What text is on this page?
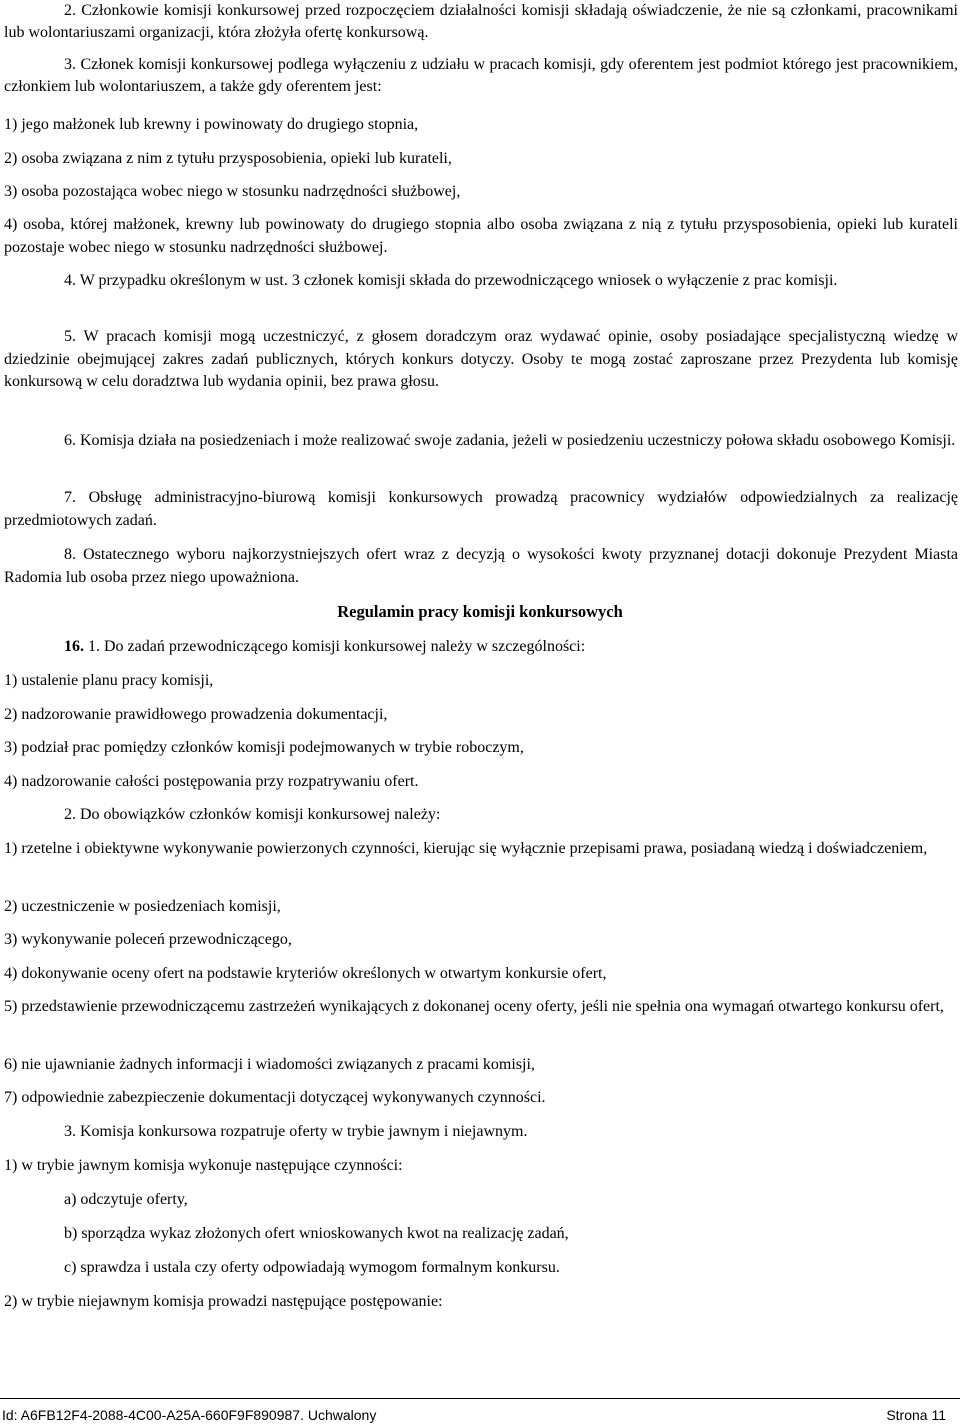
2. Członkowie komisji konkursowej przed rozpoczęciem działalności komisji składają oświadczenie, że nie są członkami, pracownikami lub wolontariuszami organizacji, która złożyła ofertę konkursową.

3. Członek komisji konkursowej podlega wyłączeniu z udziału w pracach komisji, gdy oferentem jest podmiot którego jest pracownikiem, członkiem lub wolontariuszem, a także gdy oferentem jest:

1) jego małżonek lub krewny i powinowaty do drugiego stopnia,

2) osoba związana z nim z tytułu przysposobienia, opieki lub kurateli,

3) osoba pozostająca wobec niego w stosunku nadrzędności służbowej,

4) osoba, której małżonek, krewny lub powinowaty do drugiego stopnia albo osoba związana z nią z tytułu przysposobienia, opieki lub kurateli pozostaje wobec niego w stosunku nadrzędności służbowej.

4. W przypadku określonym w ust. 3 członek komisji składa do przewodniczącego wniosek o wyłączenie z prac komisji.

5. W pracach komisji mogą uczestniczyć, z głosem doradczym oraz wydawać opinie, osoby posiadające specjalistyczną wiedzę w dziedzinie obejmującej zakres zadań publicznych, których konkurs dotyczy. Osoby te mogą zostać zaproszane przez Prezydenta lub komisję konkursową w celu doradztwa lub wydania opinii, bez prawa głosu.

6. Komisja działa na posiedzeniach i może realizować swoje zadania, jeżeli w posiedzeniu uczestniczy połowa składu osobowego Komisji.

7. Obsługę administracyjno-biurową komisji konkursowych prowadzą pracownicy wydziałów odpowiedzialnych za realizację przedmiotowych zadań.

8. Ostatecznego wyboru najkorzystniejszych ofert wraz z decyzją o wysokości kwoty przyznanej dotacji dokonuje Prezydent Miasta Radomia lub osoba przez niego upoważniona.

Regulamin pracy komisji konkursowych

16. 1. Do zadań przewodniczącego komisji konkursowej należy w szczególności:

1) ustalenie planu pracy komisji,

2) nadzorowanie prawidłowego prowadzenia dokumentacji,

3) podział prac pomiędzy członków komisji podejmowanych w trybie roboczym,

4) nadzorowanie całości postępowania przy rozpatrywaniu ofert.

2. Do obowiązków członków komisji konkursowej należy:

1) rzetelne i obiektywne wykonywanie powierzonych czynności, kierując się wyłącznie przepisami prawa, posiadaną wiedzą i doświadczeniem,

2) uczestniczenie w posiedzeniach komisji,

3) wykonywanie poleceń przewodniczącego,

4) dokonywanie oceny ofert na podstawie kryteriów określonych w otwartym konkursie ofert,

5) przedstawienie przewodniczącemu zastrzeżeń wynikających z dokonanej oceny oferty, jeśli nie spełnia ona wymagań otwartego konkursu ofert,

6) nie ujawnianie żadnych informacji i wiadomości związanych z pracami komisji,

7) odpowiednie zabezpieczenie dokumentacji dotyczącej wykonywanych czynności.

3. Komisja konkursowa rozpatruje oferty w trybie jawnym i niejawnym.

1) w trybie jawnym komisja wykonuje następujące czynności:

a) odczytuje oferty,

b) sporządza wykaz złożonych ofert wnioskowanych kwot na realizację zadań,

c) sprawdza i ustala czy oferty odpowiadają wymogom formalnym konkursu.

2) w trybie niejawnym komisja prowadzi następujące postępowanie:

Id: A6FB12F4-2088-4C00-A25A-660F9F890987. Uchwalony	Strona 11
